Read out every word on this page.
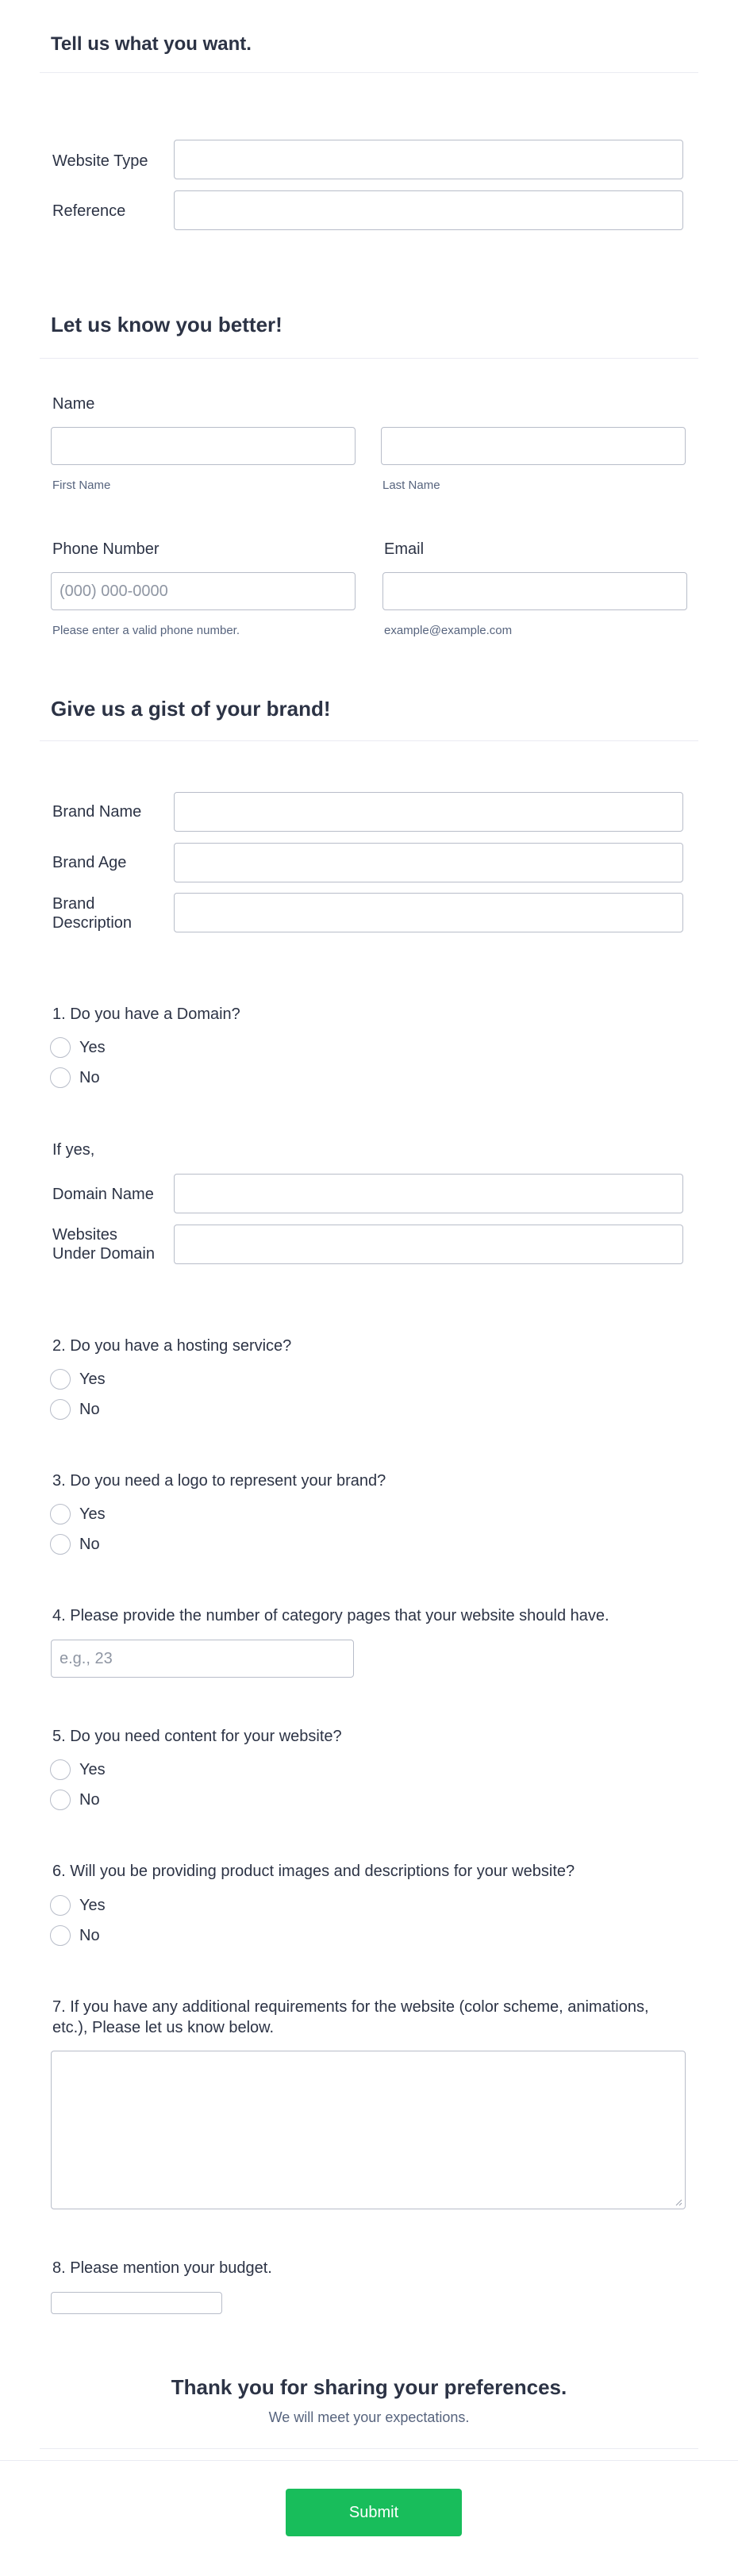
Tell us what you want.
Website Type
Reference
Let us know you better!
Name
First Name	Last Name
Phone Number
(000) 000-0000
Please enter a valid phone number.
Email
example@example.com
Give us a gist of your brand!
Brand Name
Brand Age
Brand
Description
1. Do you have a Domain?
Yes
No
If yes,
Domain Name
Websites
Under Domain
2. Do you have a hosting service?
Yes
No
3. Do you need a logo to represent your brand?
Yes
No
4. Please provide the number of category pages that your website should have.
e.g., 23
5. Do you need content for your website?
Yes
No
6. Will you be providing product images and descriptions for your website?
Yes
No
7. If you have any additional requirements for the website (color scheme, animations,
etc.), Please let us know below.
8. Please mention your budget.
Thank you for sharing your preferences.
We will meet your expectations.
Submit
